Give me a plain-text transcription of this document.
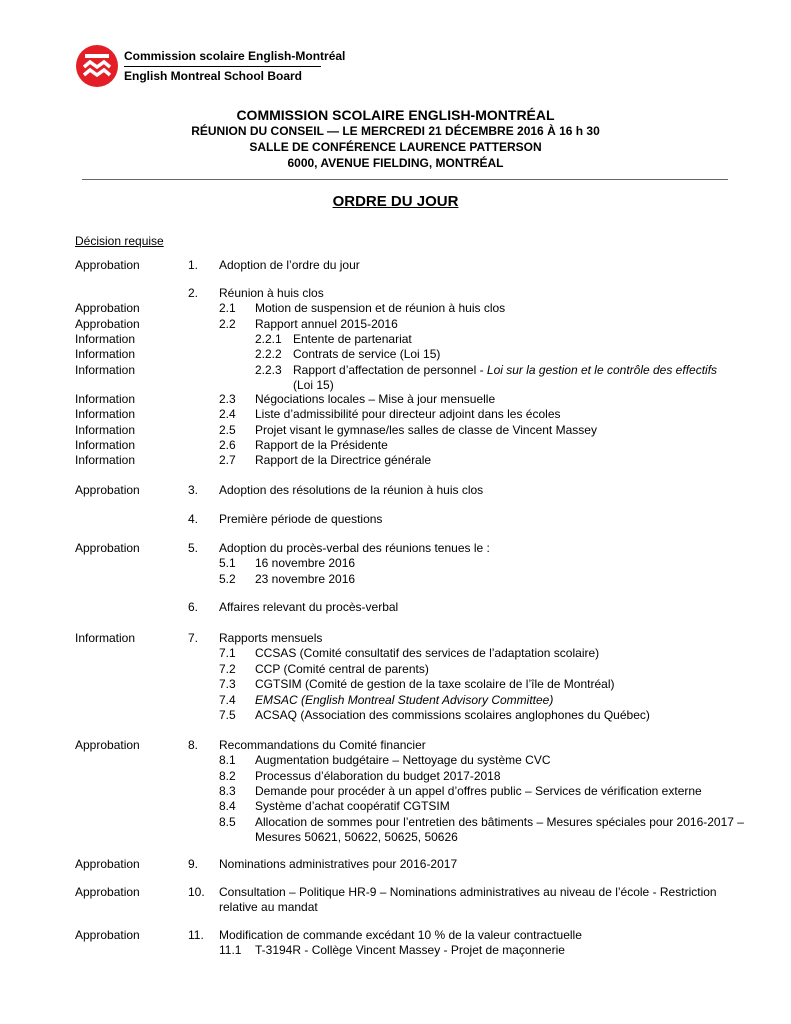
Commission scolaire English-Montréal
English Montreal School Board
COMMISSION SCOLAIRE ENGLISH-MONTRÉAL
RÉUNION DU CONSEIL — LE MERCREDI 21 DÉCEMBRE 2016 À 16 h 30
SALLE DE CONFÉRENCE LAURENCE PATTERSON
6000, AVENUE FIELDING, MONTRÉAL
ORDRE DU JOUR
Décision requise
Approbation	1. Adoption de l’ordre du jour
2. Réunion à huis clos
Approbation	2.1 Motion de suspension et de réunion à huis clos
Approbation	2.2 Rapport annuel 2015-2016
Information	2.2.1 Entente de partenariat
Information	2.2.2 Contrats de service (Loi 15)
Information	2.2.3 Rapport d’affectation de personnel - Loi sur la gestion et le contrôle des effectifs
(Loi 15)
Information	2.3 Négociations locales – Mise à jour mensuelle
Information	2.4 Liste d’admissibilité pour directeur adjoint dans les écoles
Information	2.5 Projet visant le gymnase/les salles de classe de Vincent Massey
Information	2.6 Rapport de la Présidente
Information	2.7 Rapport de la Directrice générale
Approbation	3. Adoption des résolutions de la réunion à huis clos
4. Première période de questions
Approbation	5. Adoption du procès-verbal des réunions tenues le :
5.1 16 novembre 2016
5.2 23 novembre 2016
6. Affaires relevant du procès-verbal
Information	7. Rapports mensuels
7.1 CCSAS (Comité consultatif des services de l’adaptation scolaire)
7.2 CCP (Comité central de parents)
7.3 CGTSIM (Comité de gestion de la taxe scolaire de l’île de Montréal)
7.4 EMSAC (English Montreal Student Advisory Committee)
7.5 ACSAQ (Association des commissions scolaires anglophones du Québec)
Approbation	8. Recommandations du Comité financier
8.1 Augmentation budgétaire – Nettoyage du système CVC
8.2 Processus d’élaboration du budget 2017-2018
8.3 Demande pour procéder à un appel d’offres public – Services de vérification externe
8.4 Système d’achat coopératif CGTSIM
8.5 Allocation de sommes pour l’entretien des bâtiments – Mesures spéciales pour 2016-2017 –
Mesures 50621, 50622, 50625, 50626
Approbation	9. Nominations administratives pour 2016-2017
Approbation	10. Consultation – Politique HR-9 – Nominations administratives au niveau de l’école - Restriction
relative au mandat
Approbation	11. Modification de commande excédant 10 % de la valeur contractuelle
11.1 T-3194R - Collège Vincent Massey - Projet de maçonnerie
